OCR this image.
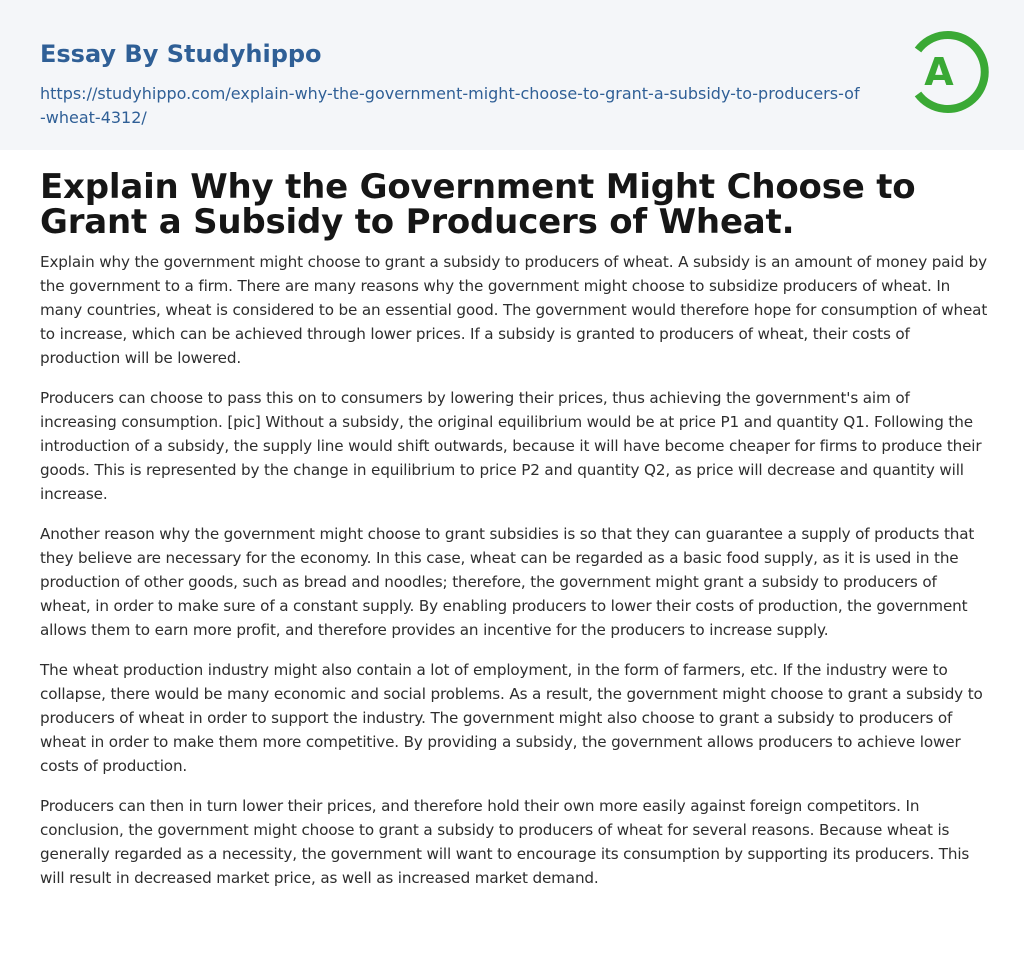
Essay By Studyhippo
https://studyhippo.com/explain-why-the-government-might-choose-to-grant-a-subsidy-to-producers-of-wheat-4312/
A
Explain Why the Government Might Choose to Grant a Subsidy to Producers of Wheat.

Explain why the government might choose to grant a subsidy to producers of wheat. A subsidy is an amount of money paid by the government to a firm. There are many reasons why the government might choose to subsidize producers of wheat. In many countries, wheat is considered to be an essential good. The government would therefore hope for consumption of wheat to increase, which can be achieved through lower prices. If a subsidy is granted to producers of wheat, their costs of production will be lowered.

Producers can choose to pass this on to consumers by lowering their prices, thus achieving the government's aim of increasing consumption. [pic] Without a subsidy, the original equilibrium would be at price P1 and quantity Q1. Following the introduction of a subsidy, the supply line would shift outwards, because it will have become cheaper for firms to produce their goods. This is represented by the change in equilibrium to price P2 and quantity Q2, as price will decrease and quantity will increase.

Another reason why the government might choose to grant subsidies is so that they can guarantee a supply of products that they believe are necessary for the economy. In this case, wheat can be regarded as a basic food supply, as it is used in the production of other goods, such as bread and noodles; therefore, the government might grant a subsidy to producers of wheat, in order to make sure of a constant supply. By enabling producers to lower their costs of production, the government allows them to earn more profit, and therefore provides an incentive for the producers to increase supply.

The wheat production industry might also contain a lot of employment, in the form of farmers, etc. If the industry were to collapse, there would be many economic and social problems. As a result, the government might choose to grant a subsidy to producers of wheat in order to support the industry. The government might also choose to grant a subsidy to producers of wheat in order to make them more competitive. By providing a subsidy, the government allows producers to achieve lower costs of production.

Producers can then in turn lower their prices, and therefore hold their own more easily against foreign competitors. In conclusion, the government might choose to grant a subsidy to producers of wheat for several reasons. Because wheat is generally regarded as a necessity, the government will want to encourage its consumption by supporting its producers. This will result in decreased market price, as well as increased market demand.
